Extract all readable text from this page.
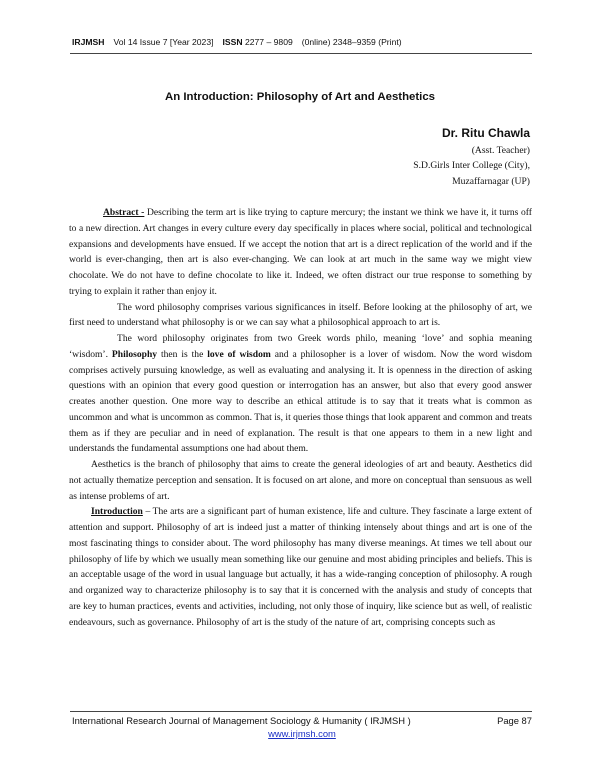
IRJMSH Vol 14 Issue 7 [Year 2023] ISSN 2277 – 9809 (0nline) 2348–9359 (Print)
An Introduction: Philosophy of Art and Aesthetics
Dr. Ritu Chawla
(Asst. Teacher)
S.D.Girls Inter College (City),
Muzaffarnagar (UP)

Abstract - Describing the term art is like trying to capture mercury; the instant we think we have it, it turns off to a new direction. Art changes in every culture every day specifically in places where social, political and technological expansions and developments have ensued. If we accept the notion that art is a direct replication of the world and if the world is ever-changing, then art is also ever-changing. We can look at art much in the same way we might view chocolate. We do not have to define chocolate to like it. Indeed, we often distract our true response to something by trying to explain it rather than enjoy it.

The word philosophy comprises various significances in itself. Before looking at the philosophy of art, we first need to understand what philosophy is or we can say what a philosophical approach to art is.

The word philosophy originates from two Greek words philo, meaning ‘love’ and sophia meaning ‘wisdom’. Philosophy then is the love of wisdom and a philosopher is a lover of wisdom. Now the word wisdom comprises actively pursuing knowledge, as well as evaluating and analysing it. It is openness in the direction of asking questions with an opinion that every good question or interrogation has an answer, but also that every good answer creates another question. One more way to describe an ethical attitude is to say that it treats what is common as uncommon and what is uncommon as common. That is, it queries those things that look apparent and common and treats them as if they are peculiar and in need of explanation. The result is that one appears to them in a new light and understands the fundamental assumptions one had about them.

Aesthetics is the branch of philosophy that aims to create the general ideologies of art and beauty. Aesthetics did not actually thematize perception and sensation. It is focused on art alone, and more on conceptual than sensuous as well as intense problems of art.

Introduction – The arts are a significant part of human existence, life and culture. They fascinate a large extent of attention and support. Philosophy of art is indeed just a matter of thinking intensely about things and art is one of the most fascinating things to consider about. The word philosophy has many diverse meanings. At times we tell about our philosophy of life by which we usually mean something like our genuine and most abiding principles and beliefs. This is an acceptable usage of the word in usual language but actually, it has a wide-ranging conception of philosophy. A rough and organized way to characterize philosophy is to say that it is concerned with the analysis and study of concepts that are key to human practices, events and activities, including, not only those of inquiry, like science but as well, of realistic endeavours, such as governance. Philosophy of art is the study of the nature of art, comprising concepts such as

International Research Journal of Management Sociology & Humanity ( IRJMSH )	Page 87
www.irjmsh.com
